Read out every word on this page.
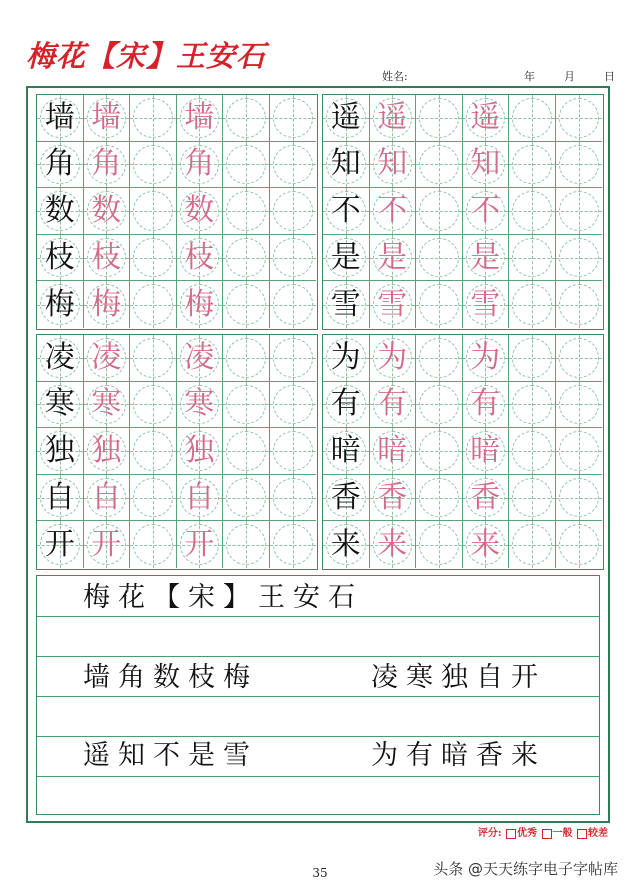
梅花【宋】王安石
姓名:	年	月	日
墙 墙 墙
角 角 角
数 数 数
枝 枝 枝
梅 梅 梅
遥 遥 遥
知 知 知
不 不 不
是 是 是
雪 雪 雪
凌 凌 凌
寒 寒 寒
独 独 独
自 自 自
开 开 开
为 为 为
有 有 有
暗 暗 暗
香 香 香
来 来 来
梅花【宋】王安石
墙角数枝梅	凌寒独自开
遥知不是雪	为有暗香来
评分: 优秀 一般 较差
35	头条 @天天练字电子字帖库
